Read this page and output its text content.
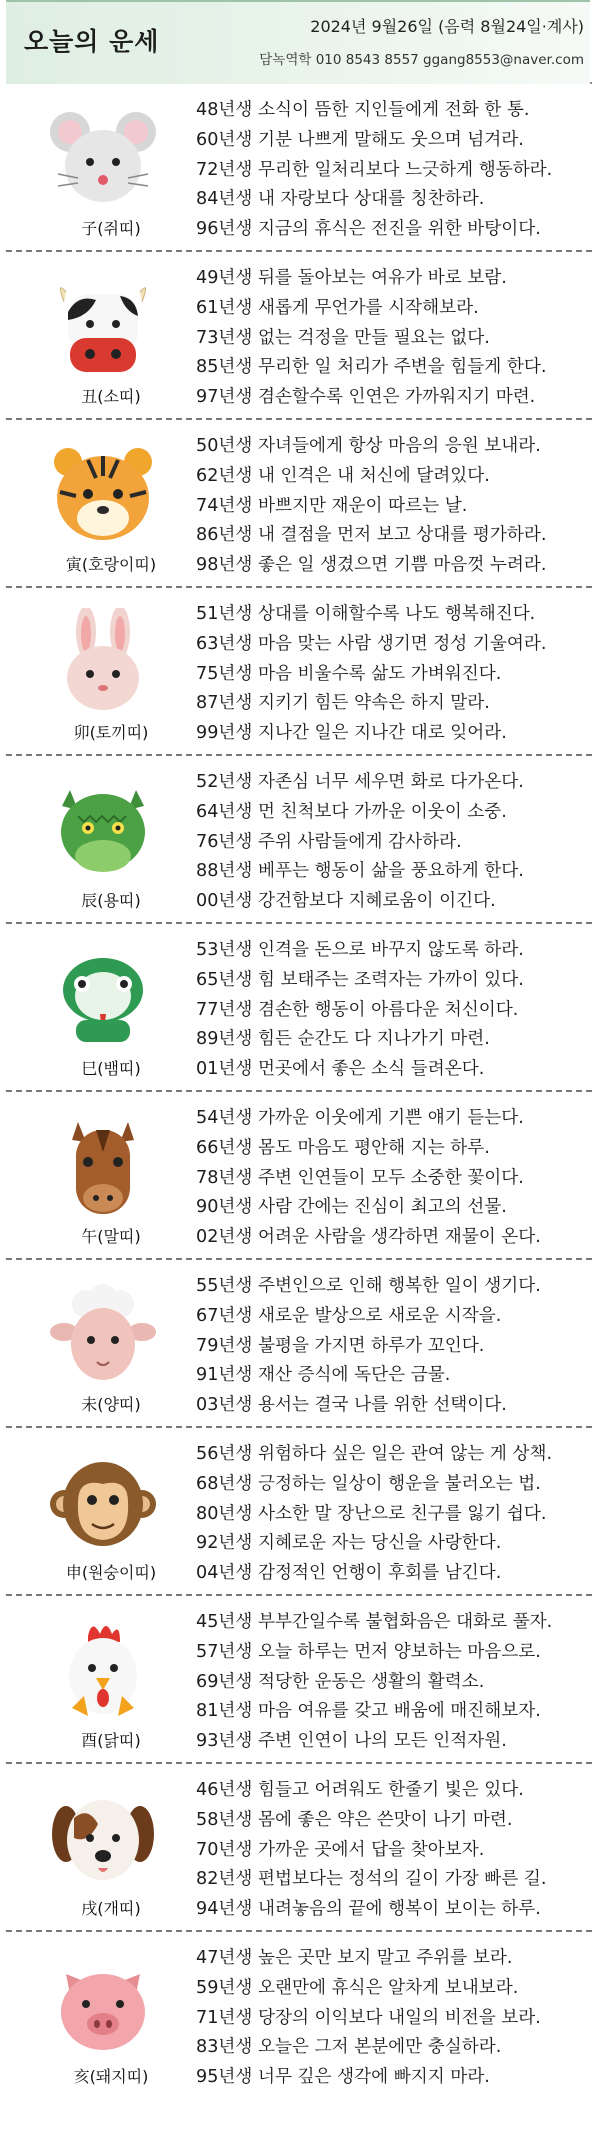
오늘의 운세
2024년 9월26일 (음력 8월24일·계사)
담녹역학 010 8543 8557 ggang8553@naver.com
子(쥐띠)
48년생 소식이 뜸한 지인들에게 전화 한 통.
60년생 기분 나쁘게 말해도 웃으며 넘겨라.
72년생 무리한 일처리보다 느긋하게 행동하라.
84년생 내 자랑보다 상대를 칭찬하라.
96년생 지금의 휴식은 전진을 위한 바탕이다.
丑(소띠)
49년생 뒤를 돌아보는 여유가 바로 보람.
61년생 새롭게 무언가를 시작해보라.
73년생 없는 걱정을 만들 필요는 없다.
85년생 무리한 일 처리가 주변을 힘들게 한다.
97년생 겸손할수록 인연은 가까워지기 마련.
寅(호랑이띠)
50년생 자녀들에게 항상 마음의 응원 보내라.
62년생 내 인격은 내 처신에 달려있다.
74년생 바쁘지만 재운이 따르는 날.
86년생 내 결점을 먼저 보고 상대를 평가하라.
98년생 좋은 일 생겼으면 기쁨 마음껏 누려라.
卯(토끼띠)
51년생 상대를 이해할수록 나도 행복해진다.
63년생 마음 맞는 사람 생기면 정성 기울여라.
75년생 마음 비울수록 삶도 가벼워진다.
87년생 지키기 힘든 약속은 하지 말라.
99년생 지나간 일은 지나간 대로 잊어라.
辰(용띠)
52년생 자존심 너무 세우면 화로 다가온다.
64년생 먼 친척보다 가까운 이웃이 소중.
76년생 주위 사람들에게 감사하라.
88년생 베푸는 행동이 삶을 풍요하게 한다.
00년생 강건함보다 지혜로움이 이긴다.
巳(뱀띠)
53년생 인격을 돈으로 바꾸지 않도록 하라.
65년생 힘 보태주는 조력자는 가까이 있다.
77년생 겸손한 행동이 아름다운 처신이다.
89년생 힘든 순간도 다 지나가기 마련.
01년생 먼곳에서 좋은 소식 들려온다.
午(말띠)
54년생 가까운 이웃에게 기쁜 얘기 듣는다.
66년생 몸도 마음도 평안해 지는 하루.
78년생 주변 인연들이 모두 소중한 꽃이다.
90년생 사람 간에는 진심이 최고의 선물.
02년생 어려운 사람을 생각하면 재물이 온다.
未(양띠)
55년생 주변인으로 인해 행복한 일이 생기다.
67년생 새로운 발상으로 새로운 시작을.
79년생 불평을 가지면 하루가 꼬인다.
91년생 재산 증식에 독단은 금물.
03년생 용서는 결국 나를 위한 선택이다.
申(원숭이띠)
56년생 위험하다 싶은 일은 관여 않는 게 상책.
68년생 긍정하는 일상이 행운을 불러오는 법.
80년생 사소한 말 장난으로 친구를 잃기 쉽다.
92년생 지혜로운 자는 당신을 사랑한다.
04년생 감정적인 언행이 후회를 남긴다.
酉(닭띠)
45년생 부부간일수록 불협화음은 대화로 풀자.
57년생 오늘 하루는 먼저 양보하는 마음으로.
69년생 적당한 운동은 생활의 활력소.
81년생 마음 여유를 갖고 배움에 매진해보자.
93년생 주변 인연이 나의 모든 인적자원.
戌(개띠)
46년생 힘들고 어려워도 한줄기 빛은 있다.
58년생 몸에 좋은 약은 쓴맛이 나기 마련.
70년생 가까운 곳에서 답을 찾아보자.
82년생 편법보다는 정석의 길이 가장 빠른 길.
94년생 내려놓음의 끝에 행복이 보이는 하루.
亥(돼지띠)
47년생 높은 곳만 보지 말고 주위를 보라.
59년생 오랜만에 휴식은 알차게 보내보라.
71년생 당장의 이익보다 내일의 비전을 보라.
83년생 오늘은 그저 본분에만 충실하라.
95년생 너무 깊은 생각에 빠지지 마라.
